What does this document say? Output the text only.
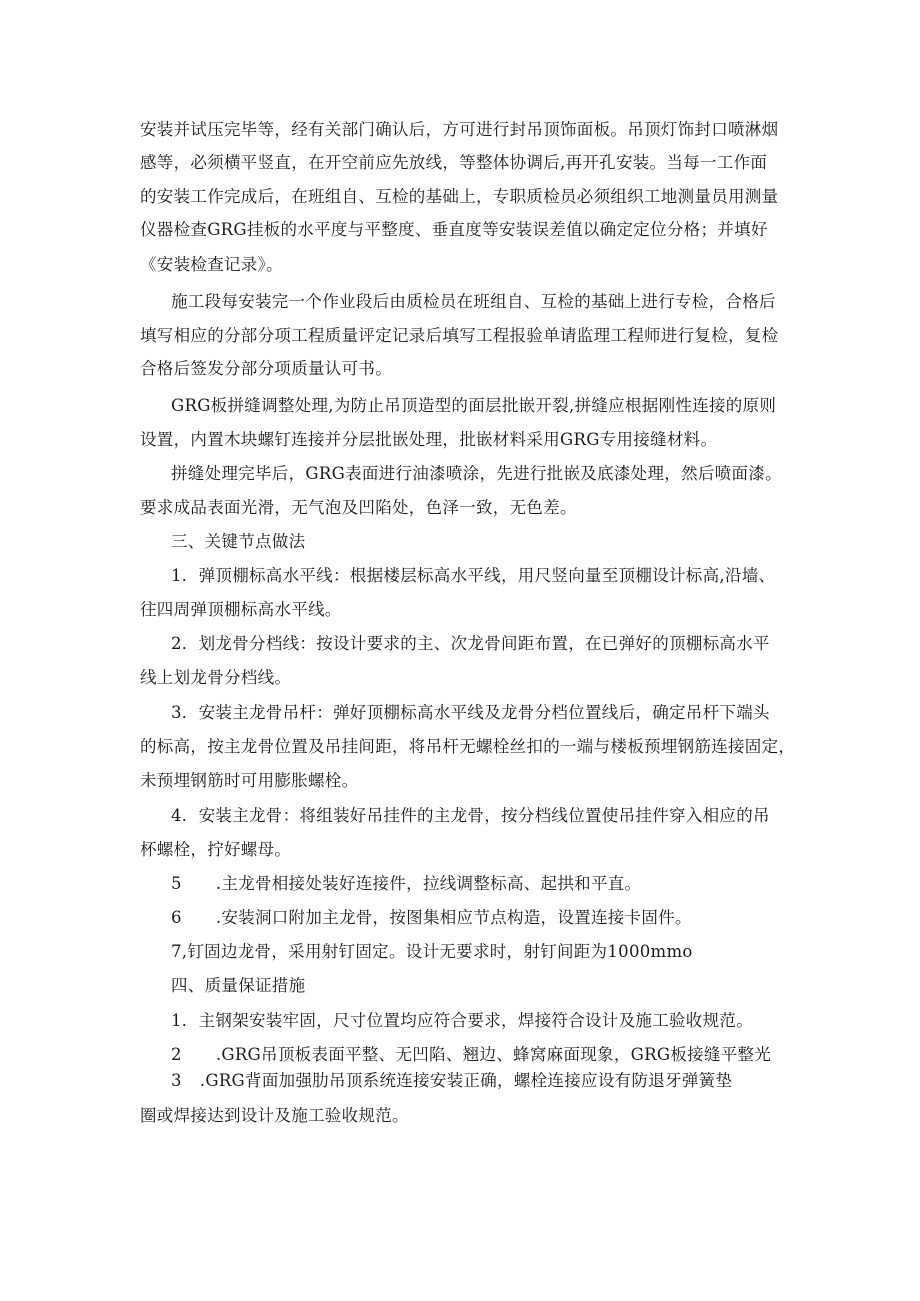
安装并试压完毕等，经有关部门确认后，方可进行封吊顶饰面板。吊顶灯饰封口喷淋烟
感等，必须横平竖直，在开空前应先放线，等整体协调后,再开孔安装。当每一工作面
的安装工作完成后，在班组自、互检的基础上，专职质检员必须组织工地测量员用测量
仪器检查GRG挂板的水平度与平整度、垂直度等安装误差值以确定定位分格；并填好
《安装检查记录》。
施工段每安装完一个作业段后由质检员在班组自、互检的基础上进行专检，合格后
填写相应的分部分项工程质量评定记录后填写工程报验单请监理工程师进行复检，复检
合格后签发分部分项质量认可书。
GRG板拼缝调整处理,为防止吊顶造型的面层批嵌开裂,拼缝应根据刚性连接的原则
设置，内置木块螺钉连接并分层批嵌处理，批嵌材料采用GRG专用接缝材料。
拼缝处理完毕后，GRG表面进行油漆喷涂，先进行批嵌及底漆处理，然后喷面漆。
要求成品表面光滑，无气泡及凹陷处，色泽一致，无色差。
三、关键节点做法
1．弹顶棚标高水平线：根据楼层标高水平线，用尺竖向量至顶棚设计标高,沿墙、
往四周弹顶棚标高水平线。
2．划龙骨分档线：按设计要求的主、次龙骨间距布置，在已弹好的顶棚标高水平
线上划龙骨分档线。
3．安装主龙骨吊杆：弹好顶棚标高水平线及龙骨分档位置线后，确定吊杆下端头
的标高，按主龙骨位置及吊挂间距，将吊杆无螺栓丝扣的一端与楼板预埋钢筋连接固定，
未预埋钢筋时可用膨胀螺栓。
4．安装主龙骨：将组装好吊挂件的主龙骨，按分档线位置使吊挂件穿入相应的吊
杯螺栓，拧好螺母。
5 .主龙骨相接处装好连接件，拉线调整标高、起拱和平直。
6 .安装洞口附加主龙骨，按图集相应节点构造，设置连接卡固件。
7,钉固边龙骨，采用射钉固定。设计无要求时，射钉间距为1000mmo
四、质量保证措施
1．主钢架安装牢固，尺寸位置均应符合要求，焊接符合设计及施工验收规范。
2 .GRG吊顶板表面平整、无凹陷、翘边、蜂窝麻面现象，GRG板接缝平整光
3 .GRG背面加强肋吊顶系统连接安装正确，螺栓连接应设有防退牙弹簧垫
圈或焊接达到设计及施工验收规范。
